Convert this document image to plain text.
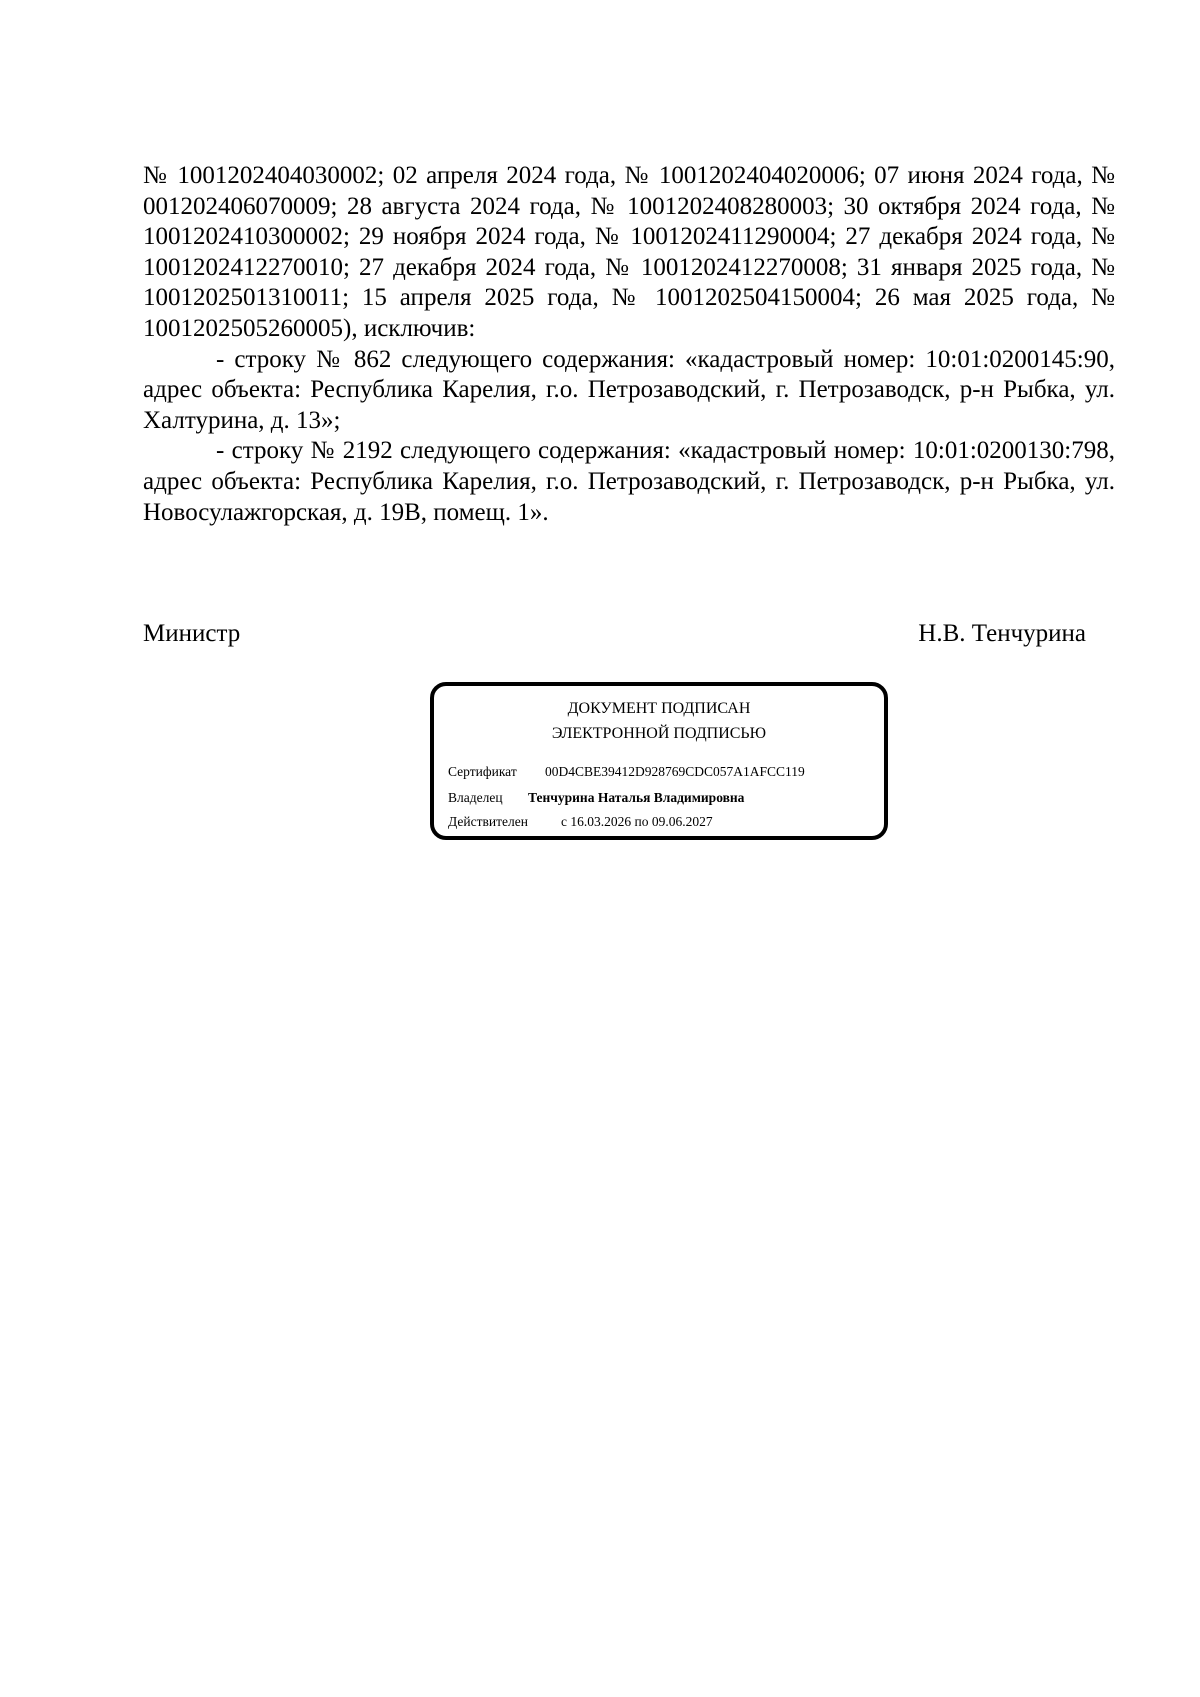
№ 1001202404030002; 02 апреля 2024 года, № 1001202404020006; 07 июня 2024 года, № 001202406070009; 28 августа 2024 года, № 1001202408280003; 30 октября 2024 года, № 1001202410300002; 29 ноября 2024 года, № 1001202411290004; 27 декабря 2024 года, № 1001202412270010; 27 декабря 2024 года, № 1001202412270008; 31 января 2025 года, № 1001202501310011; 15 апреля 2025 года, № 1001202504150004; 26 мая 2025 года, № 1001202505260005), исключив:

- строку № 862 следующего содержания: «кадастровый номер: 10:01:0200145:90, адрес объекта: Республика Карелия, г.о. Петрозаводский, г. Петрозаводск, р-н Рыбка, ул. Халтурина, д. 13»;

- строку № 2192 следующего содержания: «кадастровый номер: 10:01:0200130:798, адрес объекта: Республика Карелия, г.о. Петрозаводский, г. Петрозаводск, р-н Рыбка, ул. Новосулажгорская, д. 19В, помещ. 1».

Министр	Н.В. Тенчурина
ДОКУМЕНТ ПОДПИСАН
ЭЛЕКТРОННОЙ ПОДПИСЬЮ
Сертификат 00D4CBE39412D928769CDC057A1AFCC119
Владелец Тенчурина Наталья Владимировна
Действителен с 16.03.2026 по 09.06.2027
